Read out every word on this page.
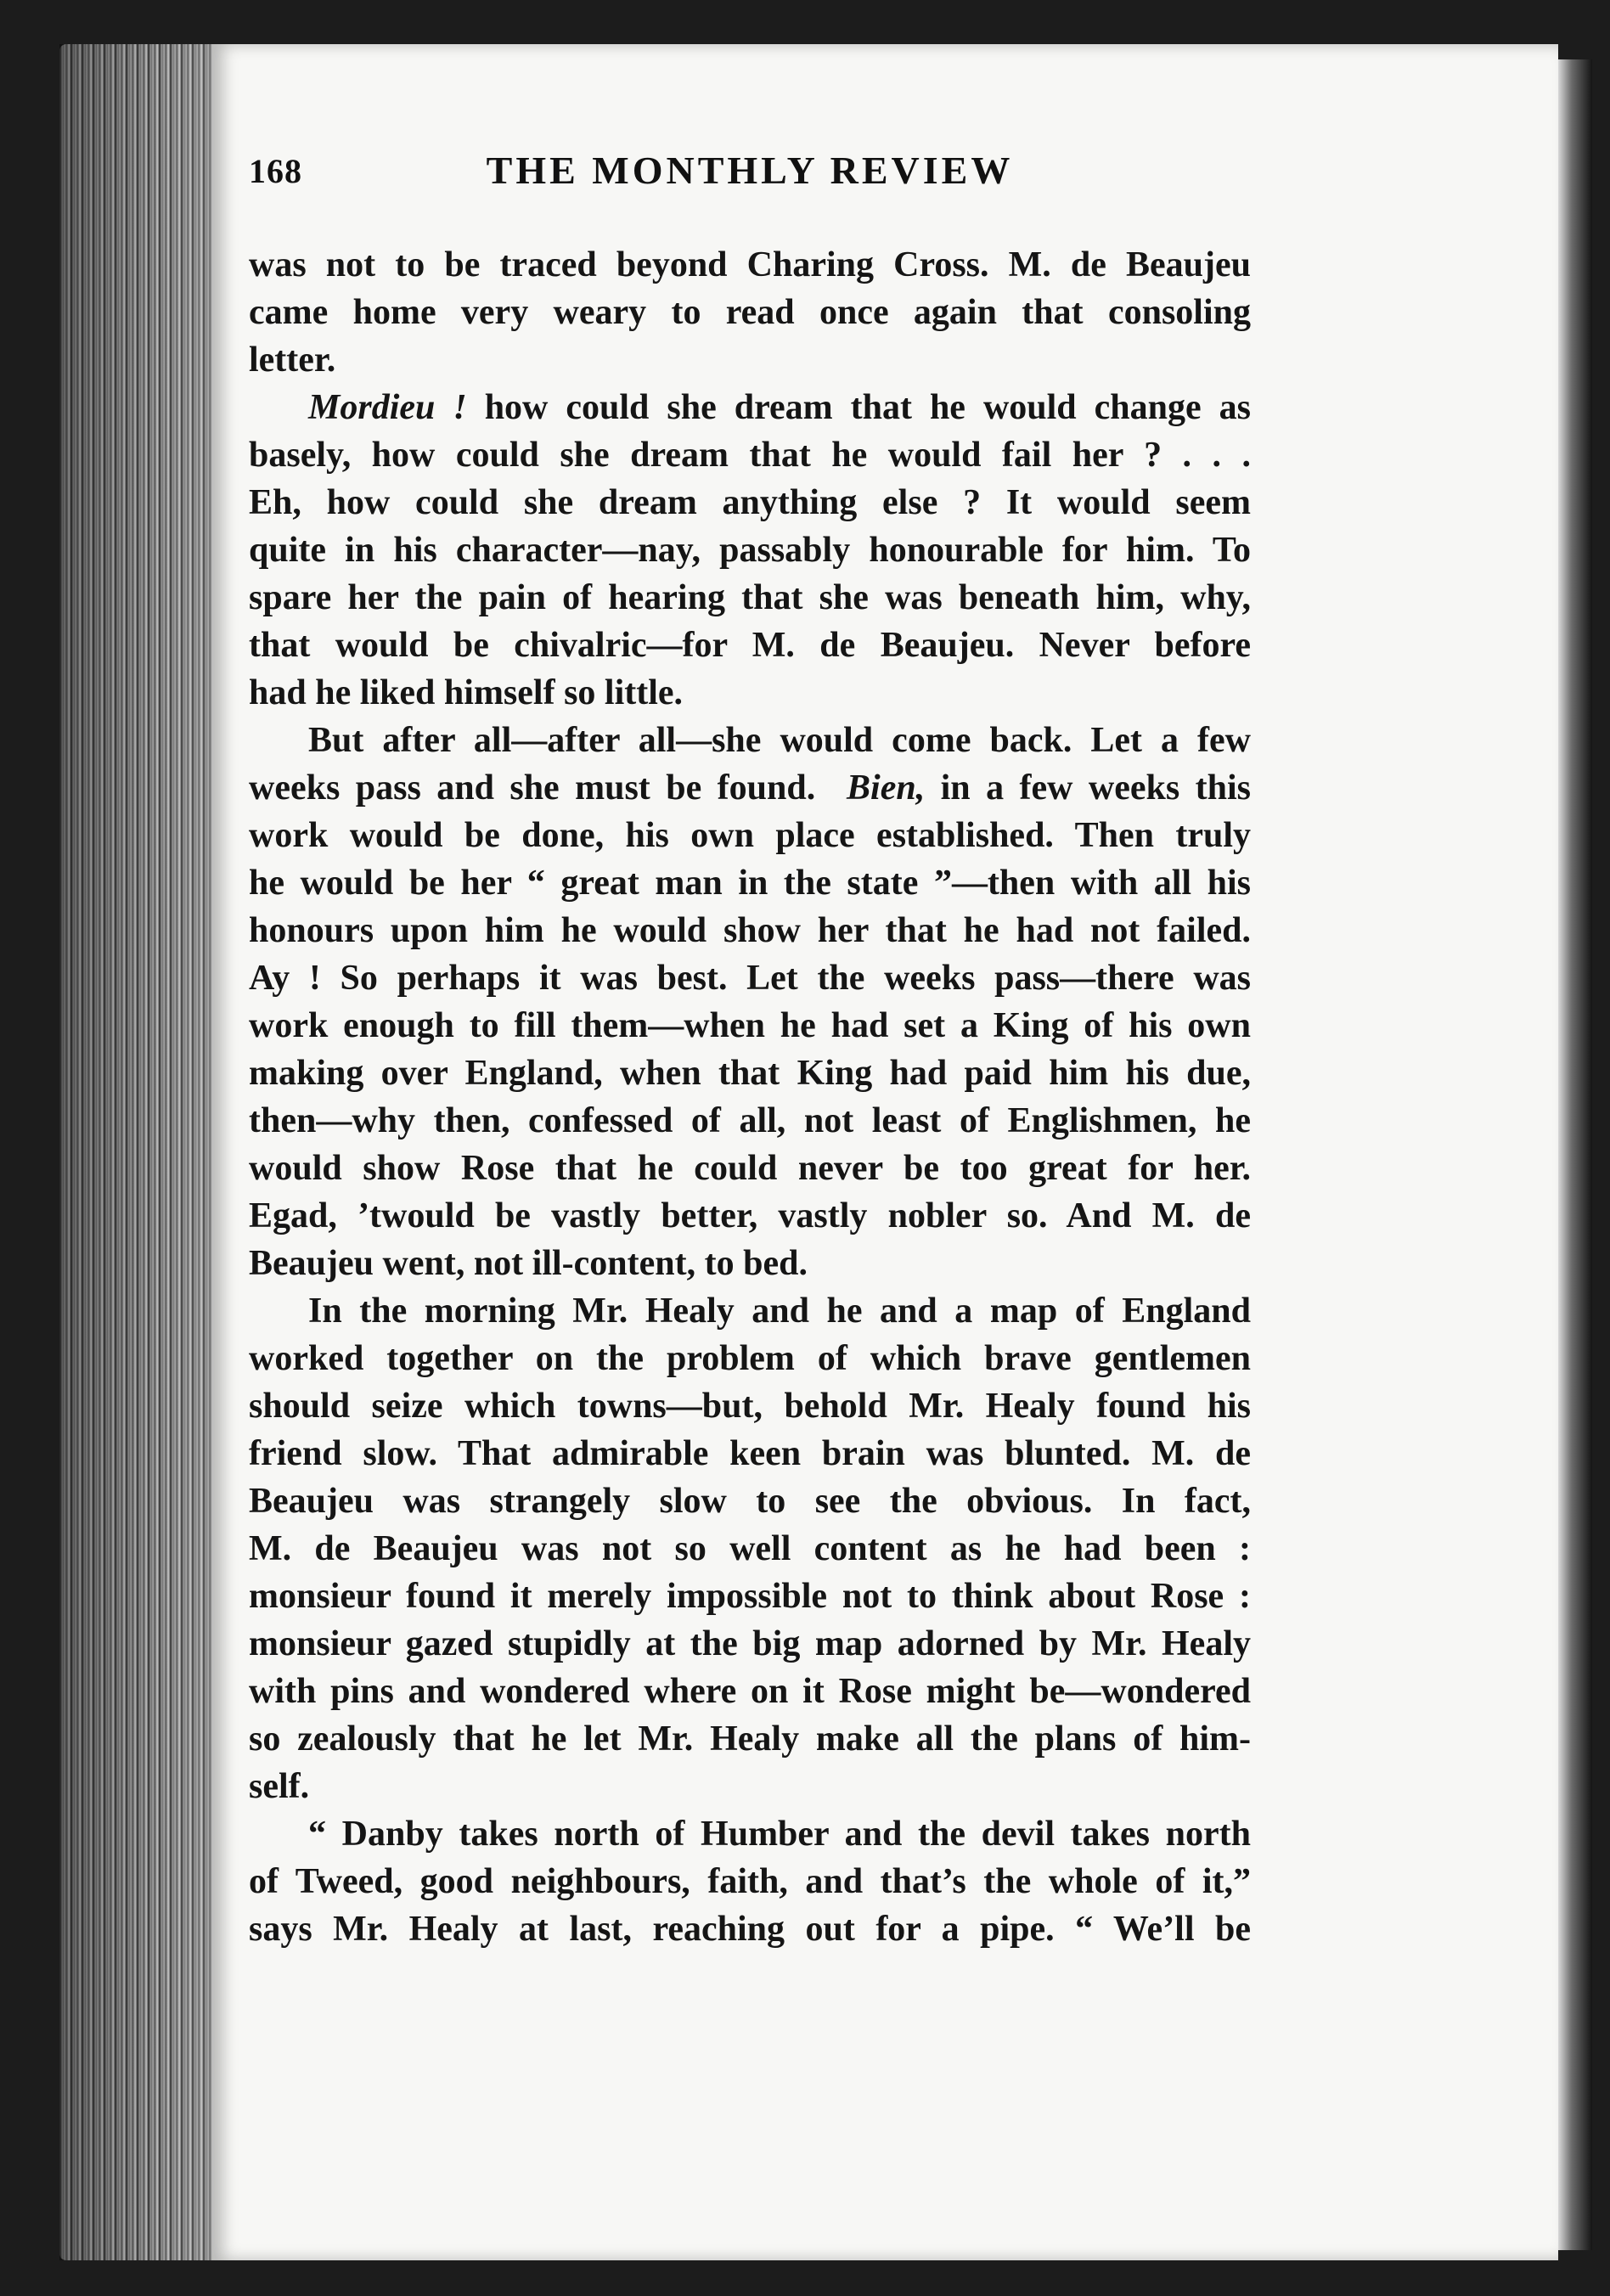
168	THE MONTHLY REVIEW
was not to be traced beyond Charing Cross. M. de Beaujeu
came home very weary to read once again that consoling
letter.
Mordieu ! how could she dream that he would change as
basely, how could she dream that he would fail her ? . . .
Eh, how could she dream anything else ? It would seem
quite in his character—nay, passably honourable for him. To
spare her the pain of hearing that she was beneath him, why,
that would be chivalric—for M. de Beaujeu. Never before
had he liked himself so little.
But after all—after all—she would come back. Let a few
weeks pass and she must be found.  Bien, in a few weeks this
work would be done, his own place established. Then truly
he would be her “ great man in the state ”—then with all his
honours upon him he would show her that he had not failed.
Ay ! So perhaps it was best. Let the weeks pass—there was
work enough to fill them—when he had set a King of his own
making over England, when that King had paid him his due,
then—why then, confessed of all, not least of Englishmen, he
would show Rose that he could never be too great for her.
Egad, ’twould be vastly better, vastly nobler so. And M. de
Beaujeu went, not ill-content, to bed.
In the morning Mr. Healy and he and a map of England
worked together on the problem of which brave gentlemen
should seize which towns—but, behold Mr. Healy found his
friend slow. That admirable keen brain was blunted. M. de
Beaujeu was strangely slow to see the obvious. In fact,
M. de Beaujeu was not so well content as he had been :
monsieur found it merely impossible not to think about Rose :
monsieur gazed stupidly at the big map adorned by Mr. Healy
with pins and wondered where on it Rose might be—wondered
so zealously that he let Mr. Healy make all the plans of him-
self.
“ Danby takes north of Humber and the devil takes north
of Tweed, good neighbours, faith, and that’s the whole of it,”
says Mr. Healy at last, reaching out for a pipe. “ We’ll be
